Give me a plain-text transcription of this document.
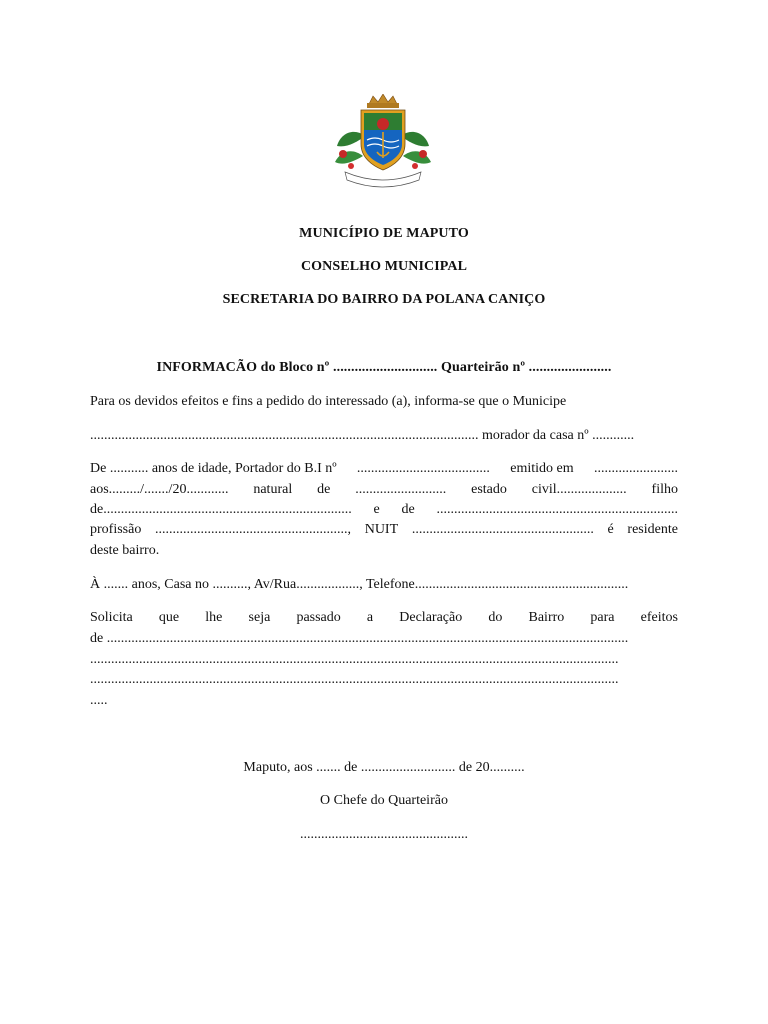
MUNICÍPIO DE MAPUTO
CONSELHO MUNICIPAL
SECRETARIA DO BAIRRO DA POLANA CANIÇO
INFORMACÃO do Bloco nº ............................. Quarteirão nº .......................
Para os devidos efeitos e fins a pedido do interessado (a), informa-se que o Municipe
............................................................................................................... morador da casa nº ............
De ........... anos de idade, Portador do B.I nº ...................................... emitido em ........................
aos........./......./20............ natural de .......................... estado civil.................... filho
de....................................................................... e de .....................................................................
profissão ......................................................., NUIT .................................................... é residente
deste bairro.
À ....... anos, Casa no .........., Av/Rua.................., Telefone.............................................................
Solicita que lhe seja passado a Declaração do Bairro para efeitos
de .....................................................................................................................................................
.......................................................................................................................................................
.......................................................................................................................................................
.....
Maputo, aos ....... de ........................... de 20..........
O Chefe do Quarteirão
................................................
